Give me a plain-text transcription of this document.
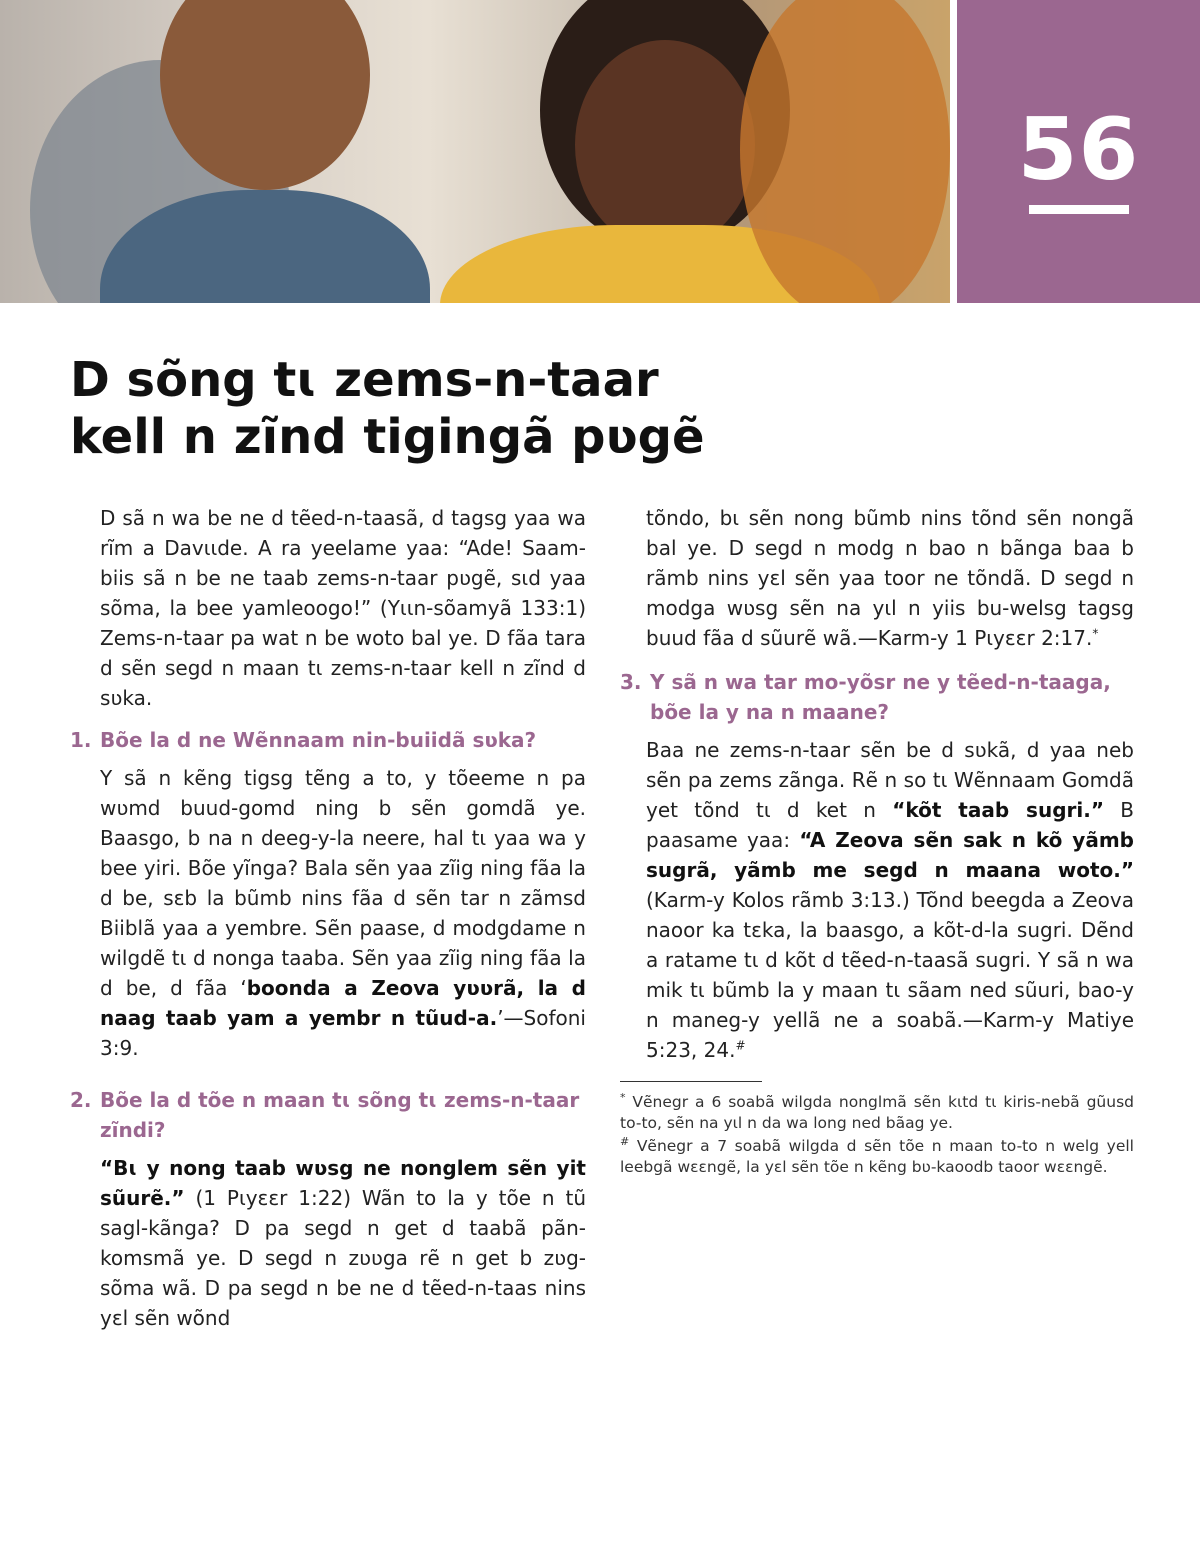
56
D sõng tɩ zems-n-taar
kell n zĩnd tigingã pʋgẽ

D sã n wa be ne d tẽed-n-taasã, d tagsg yaa wa rĩm a Davɩɩde. A ra yeelame yaa: “Ade! Saam-biis sã n be ne taab zems-n-taar pʋgẽ, sɩd yaa sõma, la bee yamleoogo!” (Yɩɩn-sõamyã 133:1) Zems-n-taar pa wat n be woto bal ye. D fãa tara d sẽn segd n maan tɩ zems-n-taar kell n zĩnd d sʋka.

1. Bõe la d ne Wẽnnaam nin-buiidã sʋka?

Y sã n kẽng tigsg tẽng a to, y tõeeme n pa wʋmd buud-gomd ning b sẽn gomdã ye. Baasgo, b na n deeg-y-la neere, hal tɩ yaa wa y bee yiri. Bõe yĩnga? Bala sẽn yaa zĩig ning fãa la d be, sɛb la bũmb nins fãa d sẽn tar n zãmsd Biiblã yaa a yembre. Sẽn paase, d modgdame n wilgdẽ tɩ d nonga taaba. Sẽn yaa zĩig ning fãa la d be, d fãa ‘boonda a Zeova yʋʋrã, la d naag taab yam a yembr n tũud-a.’—Sofoni 3:9.

2. Bõe la d tõe n maan tɩ sõng tɩ zems-n-taar zĩndi?

“Bɩ y nong taab wʋsg ne nonglem sẽn yit sũurẽ.” (1 Pɩyɛɛr 1:22) Wãn to la y tõe n tũ sagl-kãnga? D pa segd n get d taabã pãn-komsmã ye. D segd n zʋʋga rẽ n get b zʋg-sõma wã. D pa segd n be ne d tẽed-n-taas nins yɛl sẽn wõnd

tõndo, bɩ sẽn nong bũmb nins tõnd sẽn nongã bal ye. D segd n modg n bao n bãnga baa b rãmb nins yɛl sẽn yaa toor ne tõndã. D segd n modga wʋsg sẽn na yɩl n yiis bu-welsg tagsg buud fãa d sũurẽ wã.—Karm-y 1 Pɩyɛɛr 2:17.*

3. Y sã n wa tar mo-yõsr ne y tẽed-n-taaga, bõe la y na n maane?

Baa ne zems-n-taar sẽn be d sʋkã, d yaa neb sẽn pa zems zãnga. Rẽ n so tɩ Wẽnnaam Gomdã yet tõnd tɩ d ket n “kõt taab sugri.” B paasame yaa: “A Zeova sẽn sak n kõ yãmb sugrã, yãmb me segd n maana woto.” (Karm-y Kolos rãmb 3:13.) Tõnd beegda a Zeova naoor ka tɛka, la baasgo, a kõt-d-la sugri. Dẽnd a ratame tɩ d kõt d tẽed-n-taasã sugri. Y sã n wa mik tɩ bũmb la y maan tɩ sãam ned sũuri, bao-y n maneg-y yellã ne a soabã.—Karm-y Matiye 5:23, 24.#

* Vẽnegr a 6 soabã wilgda nonglmã sẽn kɩtd tɩ kiris-nebã gũusd to-to, sẽn na yɩl n da wa long ned bãag ye.

# Vẽnegr a 7 soabã wilgda d sẽn tõe n maan to-to n welg yell leebgã wɛɛngẽ, la yɛl sẽn tõe n kẽng bʋ-kaoodb taoor wɛɛngẽ.
